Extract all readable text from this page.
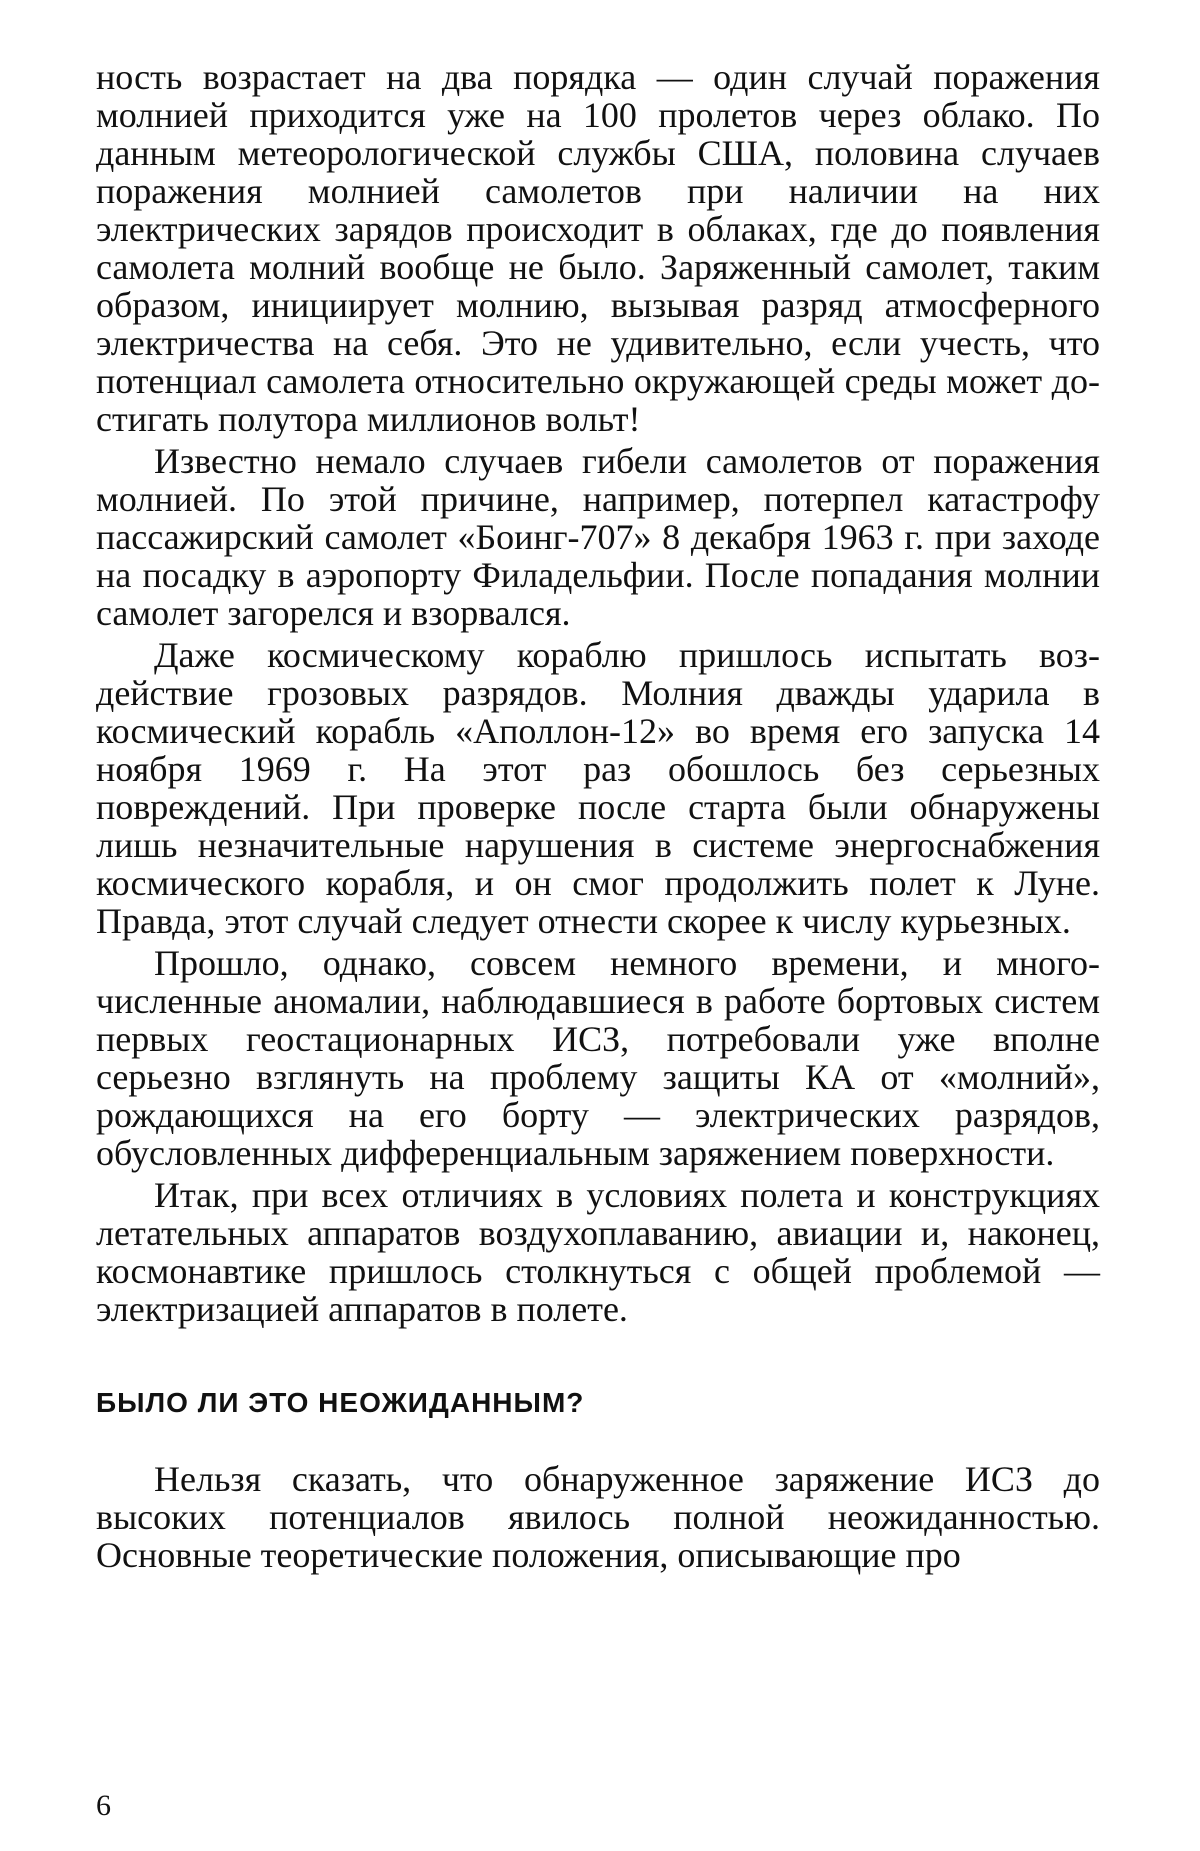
ность возрастает на два порядка — один случай поражения молнией приходится уже на 100 пролетов через облако. По данным метеорологической службы США, половина случаев поражения молнией самолетов при наличии на них электрических зарядов происходит в облаках, где до появления самолета молний вообще не было. Заряженный самолет, таким образом, инициирует молнию, вызывая разряд атмосферного электричества на себя. Это не удивительно, если учесть, что потенциал самолета относительно окружающей среды может достигать полутора миллионов вольт!

Известно немало случаев гибели самолетов от поражения молнией. По этой причине, например, потерпел катастрофу пассажирский самолет «Боинг-707» 8 декабря 1963 г. при заходе на посадку в аэропорту Филадельфии. После попадания молнии самолет загорелся и взорвался.

Даже космическому кораблю пришлось испытать воздействие грозовых разрядов. Молния дважды ударила в космический корабль «Аполлон-12» во время его запуска 14 ноября 1969 г. На этот раз обошлось без серьезных повреждений. При проверке после старта были обнаружены лишь незначительные нарушения в системе энергоснабжения космического корабля, и он смог продолжить полет к Луне. Правда, этот случай следует отнести скорее к числу курьезных.

Прошло, однако, совсем немного времени, и многочисленные аномалии, наблюдавшиеся в работе бортовых систем первых геостационарных ИСЗ, потребовали уже вполне серьезно взглянуть на проблему защиты КА от «молний», рождающихся на его борту — электрических разрядов, обусловленных дифференциальным заряжением поверхности.

Итак, при всех отличиях в условиях полета и конструкциях летательных аппаратов воздухоплаванию, авиации и, наконец, космонавтике пришлось столкнуться с общей проблемой — электризацией аппаратов в полете.

БЫЛО ЛИ ЭТО НЕОЖИДАННЫМ?

Нельзя сказать, что обнаруженное заряжение ИСЗ до высоких потенциалов явилось полной неожиданностью. Основные теоретические положения, описывающие про

6
